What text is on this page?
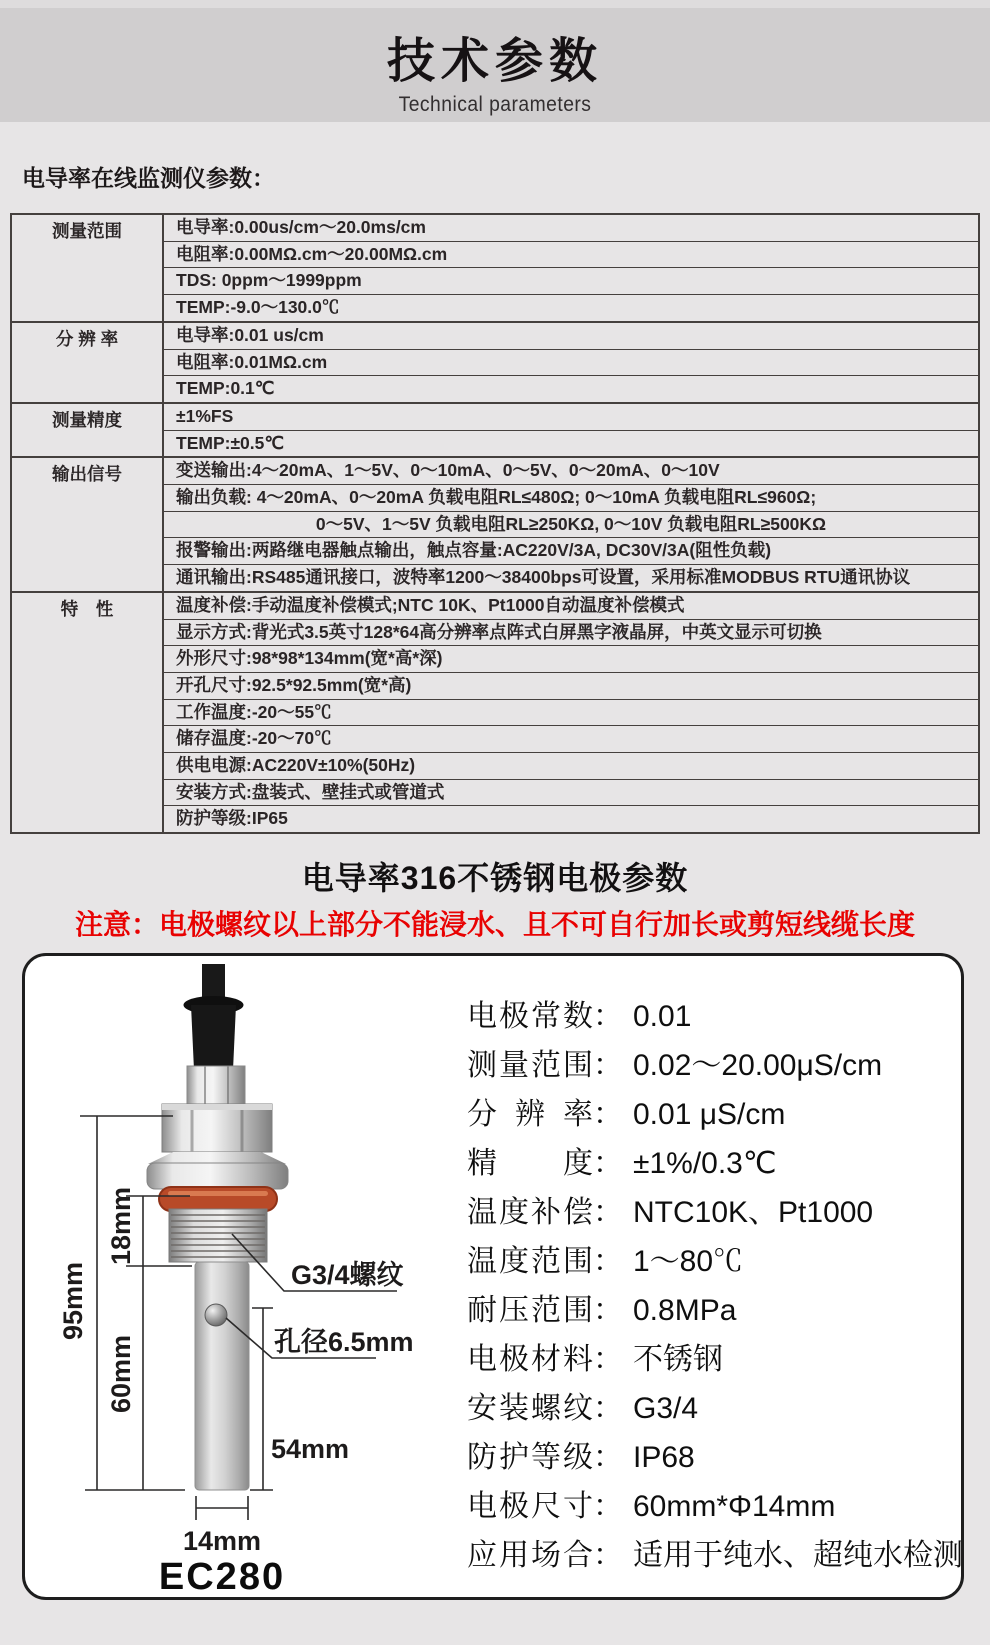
技术参数
Technical parameters
电导率在线监测仪参数：
测量范围	电导率:0.00us/cm～20.0ms/cm
	电阻率:0.00MΩ.cm～20.00MΩ.cm
	TDS: 0ppm～1999ppm
	TEMP:-9.0～130.0℃
分 辨 率	电导率:0.01 us/cm
	电阻率:0.01MΩ.cm
	TEMP:0.1℃
测量精度	±1%FS
	TEMP:±0.5℃
输出信号	变送输出:4～20mA、1～5V、0～10mA、0～5V、0～20mA、0～10V
	输出负载: 4～20mA、0～20mA 负载电阻RL≤480Ω; 0～10mA 负载电阻RL≤960Ω;
	0～5V、1～5V 负载电阻RL≥250KΩ, 0～10V 负载电阻RL≥500KΩ
	报警输出:两路继电器触点输出，触点容量:AC220V/3A, DC30V/3A(阻性负载)
	通讯输出:RS485通讯接口，波特率1200～38400bps可设置，采用标准MODBUS RTU通讯协议
特　性	温度补偿:手动温度补偿模式;NTC 10K、Pt1000自动温度补偿模式
	显示方式:背光式3.5英寸128*64高分辨率点阵式白屏黑字液晶屏，中英文显示可切换
	外形尺寸:98*98*134mm(宽*高*深)
	开孔尺寸:92.5*92.5mm(宽*高)
	工作温度:-20～55℃
	储存温度:-20～70℃
	供电电源:AC220V±10%(50Hz)
	安装方式:盘装式、壁挂式或管道式
	防护等级:IP65
电导率316不锈钢电极参数
注意：电极螺纹以上部分不能浸水、且不可自行加长或剪短线缆长度
95mm
18mm
60mm
54mm
14mm
G3/4螺纹
孔径6.5mm
EC280
电极常数： 0.01
测量范围： 0.02～20.00μS/cm
分 辨 率： 0.01 μS/cm
精　　度： ±1%/0.3℃
温度补偿： NTC10K、Pt1000
温度范围： 1～80℃
耐压范围： 0.8MPa
电极材料： 不锈钢
安装螺纹： G3/4
防护等级： IP68
电极尺寸： 60mm*Φ14mm
应用场合： 适用于纯水、超纯水检测
